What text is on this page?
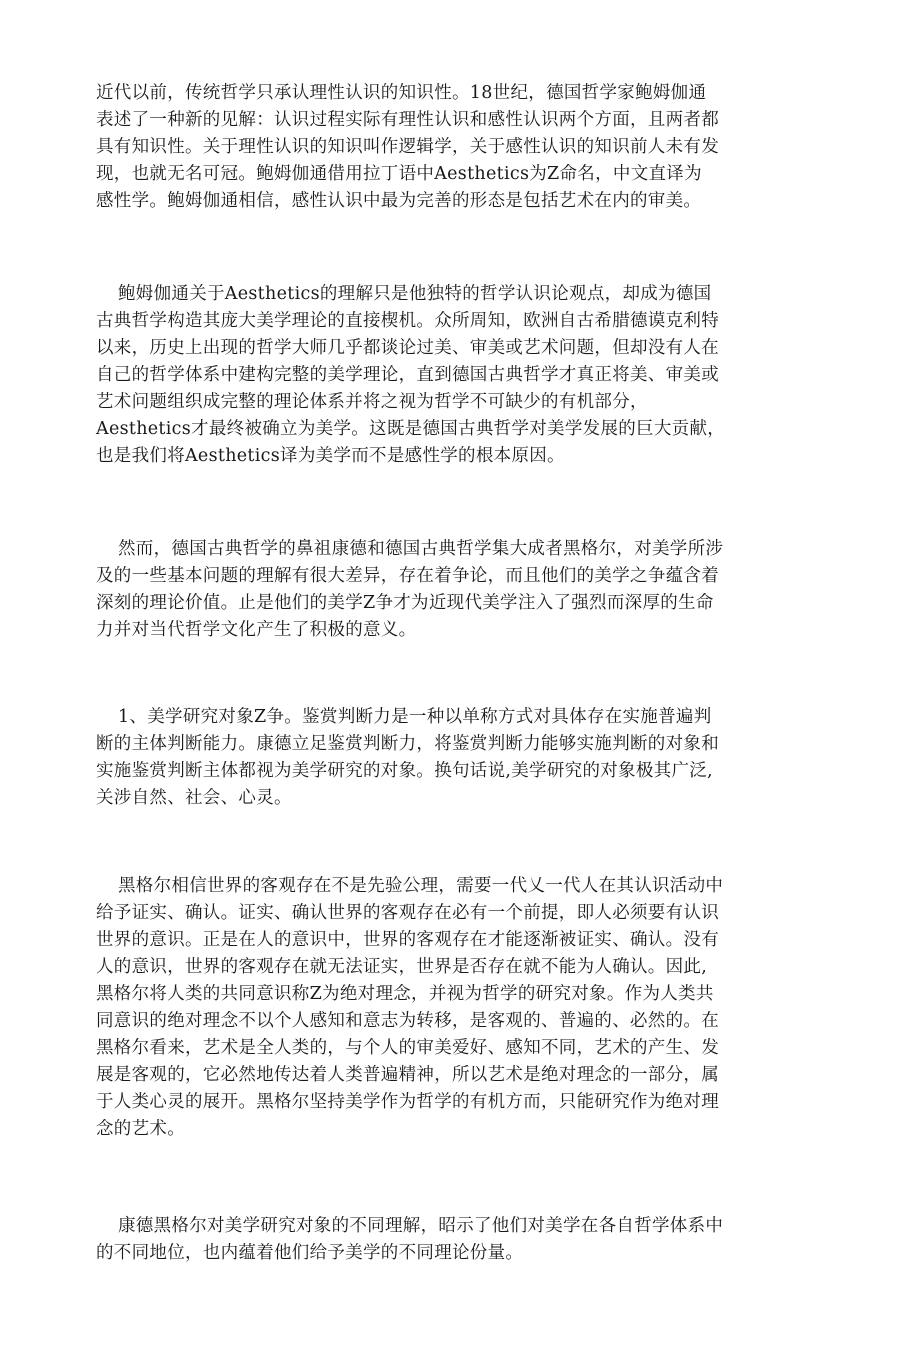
近代以前，传统哲学只承认理性认识的知识性。18世纪，德国哲学家鲍姆伽通
表述了一种新的见解：认识过程实际有理性认识和感性认识两个方面，且两者都
具有知识性。关于理性认识的知识叫作逻辑学，关于感性认识的知识前人未有发
现，也就无名可冠。鲍姆伽通借用拉丁语中Aesthetics为Z命名，中文直译为
感性学。鲍姆伽通相信，感性认识中最为完善的形态是包括艺术在内的审美。

鲍姆伽通关于Aesthetics的理解只是他独特的哲学认识论观点，却成为德国
古典哲学构造其庞大美学理论的直接楔机。众所周知，欧洲自古希腊德谟克利特
以来，历史上出现的哲学大师几乎都谈论过美、审美或艺术问题，但却没有人在
自己的哲学体系中建构完整的美学理论，直到德国古典哲学才真正将美、审美或
艺术问题组织成完整的理论体系并将之视为哲学不可缺少的有机部分，
Aesthetics才最终被确立为美学。这既是德国古典哲学对美学发展的巨大贡献，
也是我们将Aesthetics译为美学而不是感性学的根本原因。

然而，德国古典哲学的鼻祖康德和德国古典哲学集大成者黑格尔，对美学所涉
及的一些基本问题的理解有很大差异，存在着争论，而且他们的美学之争蕴含着
深刻的理论价值。止是他们的美学Z争才为近现代美学注入了强烈而深厚的生命
力并对当代哲学文化产生了积极的意义。

1、美学研究对象Z争。鉴赏判断力是一种以单称方式对具体存在实施普遍判
断的主体判断能力。康德立足鉴赏判断力，将鉴赏判断力能够实施判断的对象和
实施鉴赏判断主体都视为美学研究的对象。换句话说,美学研究的对象极其广泛,
关涉自然、社会、心灵。

黑格尔相信世界的客观存在不是先验公理，需要一代乂一代人在其认识活动中
给予证实、确认。证实、确认世界的客观存在必有一个前提，即人必须要有认识
世界的意识。正是在人的意识中，世界的客观存在才能逐渐被证实、确认。没有
人的意识，世界的客观存在就无法证实，世界是否存在就不能为人确认。因此,
黑格尔将人类的共同意识称Z为绝对理念，并视为哲学的研究对象。作为人类共
同意识的绝对理念不以个人感知和意志为转移，是客观的、普遍的、必然的。在
黑格尔看来，艺术是全人类的，与个人的审美爱好、感知不同，艺术的产生、发
展是客观的，它必然地传达着人类普遍精神，所以艺术是绝对理念的一部分，属
于人类心灵的展开。黑格尔坚持美学作为哲学的有机方而，只能研究作为绝对理
念的艺术。

康德黑格尔对美学研究对象的不同理解，昭示了他们对美学在各自哲学体系中
的不同地位，也内蕴着他们给予美学的不同理论份量。
